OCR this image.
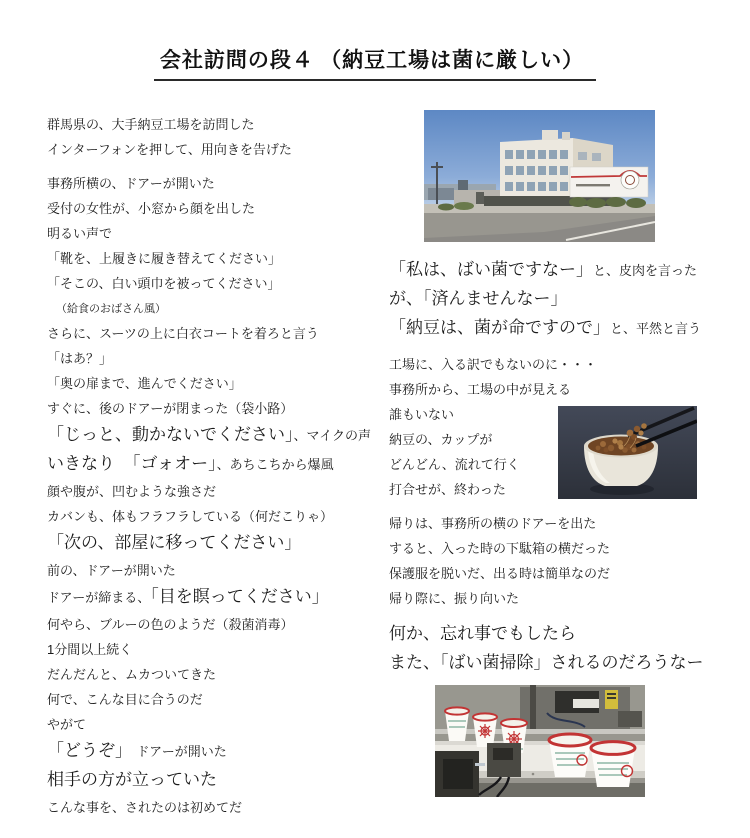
会社訪問の段４ （納豆工場は菌に厳しい）
群馬県の、大手納豆工場を訪問した
インターフォンを押して、用向きを告げた
事務所横の、ドアーが開いた
受付の女性が、小窓から顔を出した
明るい声で
「靴を、上履きに履き替えてください」
「そこの、白い頭巾を被ってください」
（給食のおばさん風）
さらに、スーツの上に白衣コートを着ろと言う
「はあ？」
「奥の扉まで、進んでください」
すぐに、後のドアーが閉まった（袋小路）
「じっと、動かないでください」、マイクの声
いきなり　「ゴォオー」、あちこちから爆風
顔や腹が、凹むような強さだ
カバンも、体もフラフラしている（何だこりゃ）
「次の、部屋に移ってください」
前の、ドアーが開いた
ドアーが締まる、「目を瞑ってください」
何やら、ブルーの色のようだ（殺菌消毒）
1分間以上続く
だんだんと、ムカついてきた
何で、こんな目に合うのだ
やがて
「どうぞ」　ドアーが開いた
相手の方が立っていた
こんな事を、されたのは初めてだ
「私は、ばい菌ですなー」と、皮肉を言った
が、「済んませんなー」
「納豆は、菌が命ですので」と、平然と言う
工場に、入る訳でもないのに・・・
事務所から、工場の中が見える
誰もいない
納豆の、カップが
どんどん、流れて行く
打合せが、終わった
帰りは、事務所の横のドアーを出た
すると、入った時の下駄箱の横だった
保護服を脱いだ、出る時は簡単なのだ
帰り際に、振り向いた
何か、忘れ事でもしたら
また、「ばい菌掃除」されるのだろうなー
